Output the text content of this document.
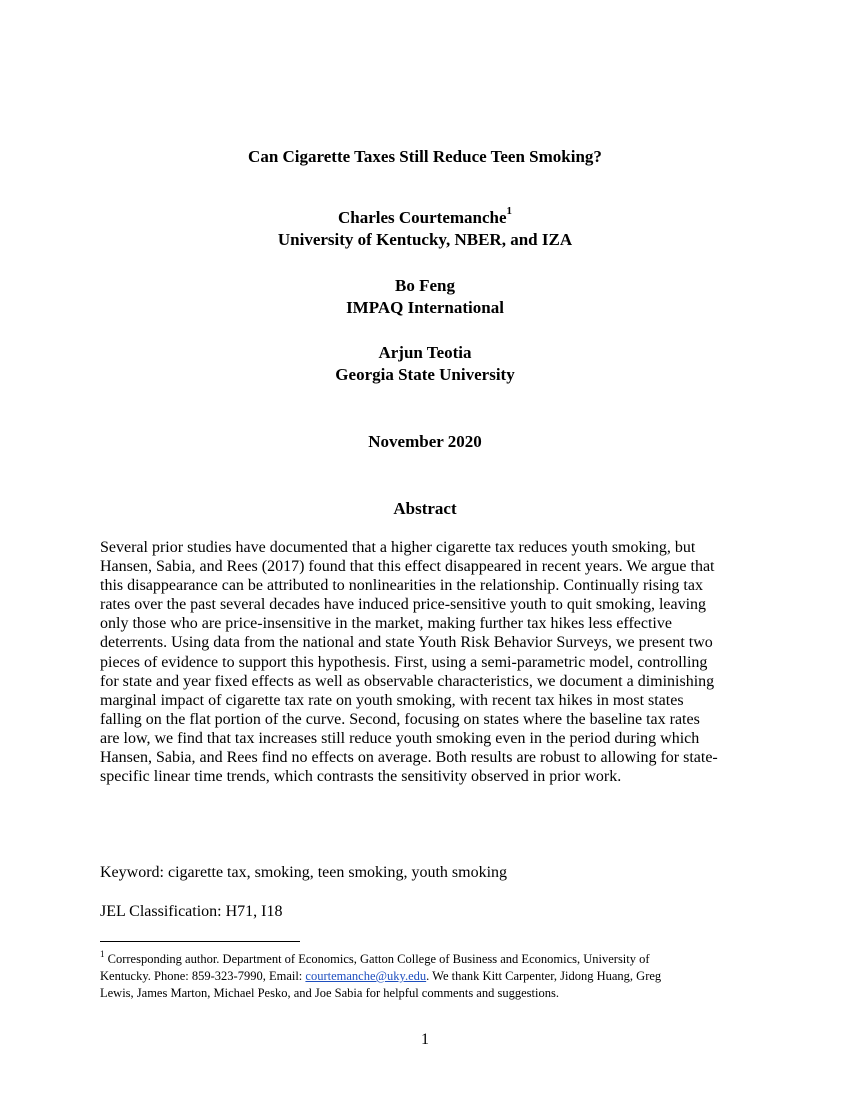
Can Cigarette Taxes Still Reduce Teen Smoking?

Charles Courtemanche$^1$
University of Kentucky, NBER, and IZA
Bo Feng
IMPAQ International
Arjun Teotia
Georgia State University

November 2020

Abstract

Several prior studies have documented that a higher cigarette tax reduces youth smoking, but
Hansen, Sabia, and Rees (2017) found that this effect disappeared in recent years. We argue that
this disappearance can be attributed to nonlinearities in the relationship. Continually rising tax
rates over the past several decades have induced price-sensitive youth to quit smoking, leaving
only those who are price-insensitive in the market, making further tax hikes less effective
deterrents. Using data from the national and state Youth Risk Behavior Surveys, we present two
pieces of evidence to support this hypothesis. First, using a semi-parametric model, controlling
for state and year fixed effects as well as observable characteristics, we document a diminishing
marginal impact of cigarette tax rate on youth smoking, with recent tax hikes in most states
falling on the flat portion of the curve. Second, focusing on states where the baseline tax rates
are low, we find that tax increases still reduce youth smoking even in the period during which
Hansen, Sabia, and Rees find no effects on average. Both results are robust to allowing for state-
specific linear time trends, which contrasts the sensitivity observed in prior work.

Keyword: cigarette tax, smoking, teen smoking, youth smoking

JEL Classification: H71, I18

$^1$ Corresponding author. Department of Economics, Gatton College of Business and Economics, University of
Kentucky. Phone: 859-323-7990, Email: courtemanche@uky.edu. We thank Kitt Carpenter, Jidong Huang, Greg
Lewis, James Marton, Michael Pesko, and Joe Sabia for helpful comments and suggestions.

1
